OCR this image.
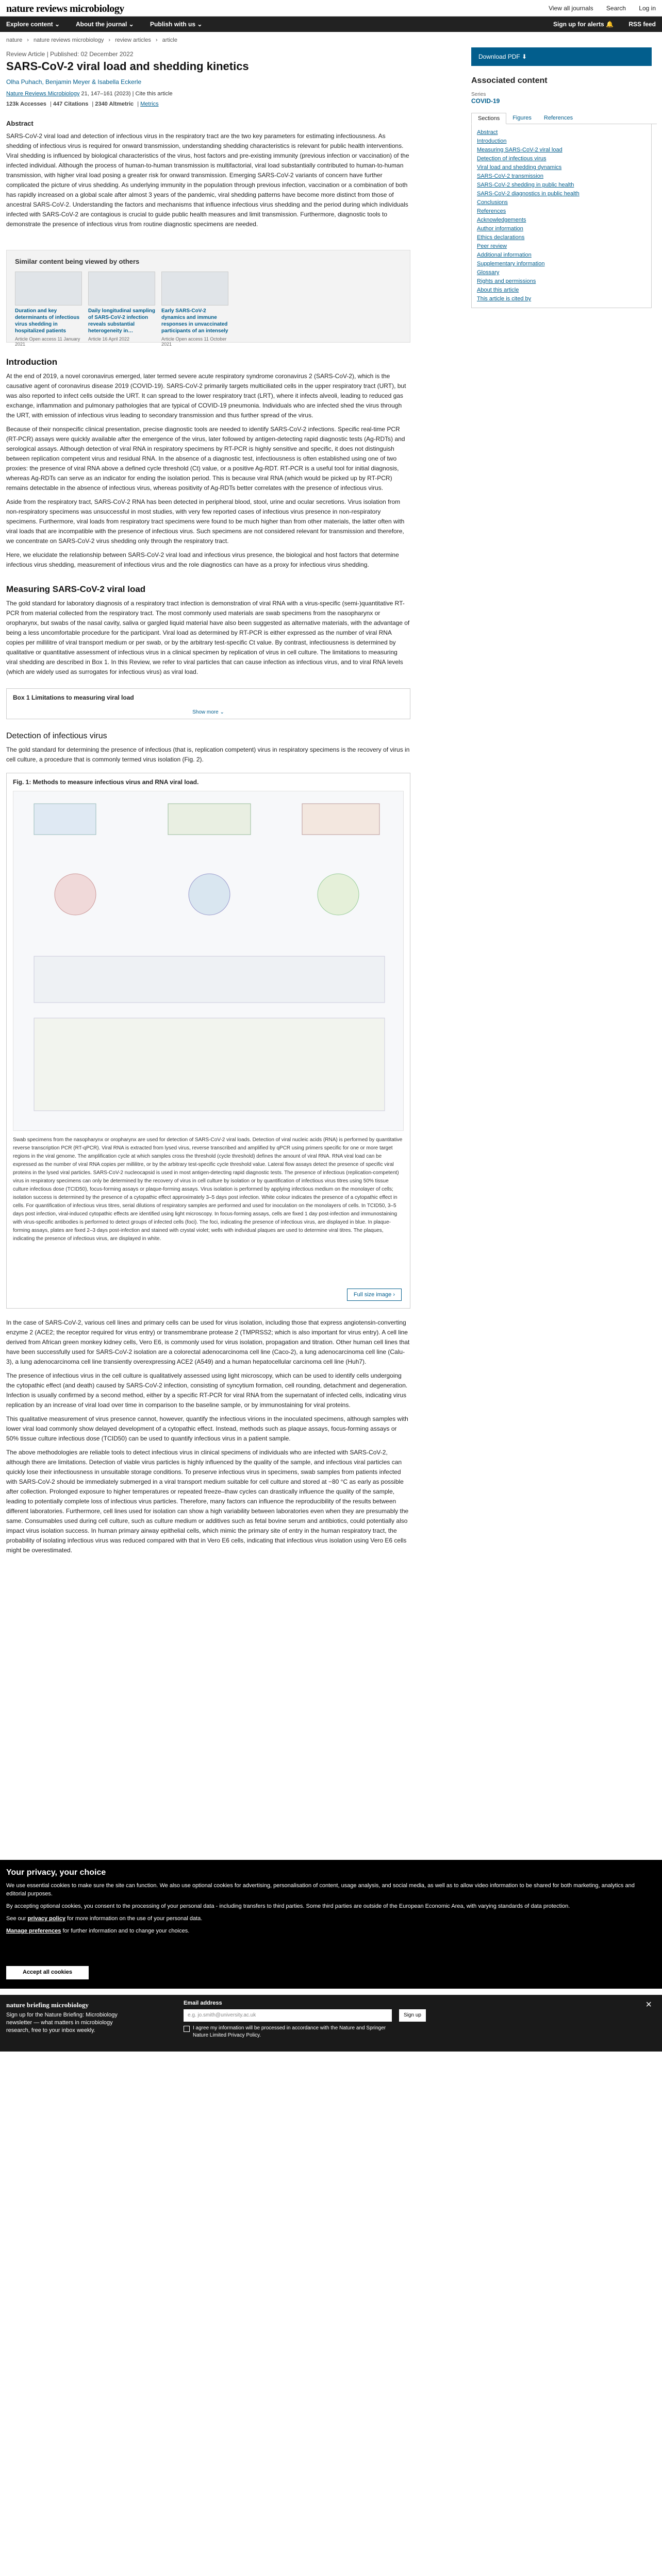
nature reviews microbiology	View all journals Search Log in
Explore content ⌄	About the journal ⌄	Publish with us ⌄	Sign up for alerts 🔔 RSS feed
nature › nature reviews microbiology › review articles › article
Review Article | Published: 02 December 2022
SARS-CoV-2 viral load and shedding kinetics
Olha Puhach, Benjamin Meyer & Isabella Eckerle
Nature Reviews Microbiology 21, 147–161 (2023) | Cite this article
123k Accesses | 447 Citations | 2340 Altmetric | Metrics
Abstract

SARS-CoV-2 viral load and detection of infectious virus in the respiratory tract are the two key parameters for estimating infectiousness. As shedding of infectious virus is required for onward transmission, understanding shedding characteristics is relevant for public health interventions. Viral shedding is influenced by biological characteristics of the virus, host factors and pre-existing immunity (previous infection or vaccination) of the infected individual. Although the process of human-to-human transmission is multifactorial, viral load substantially contributed to human-to-human transmission, with higher viral load posing a greater risk for onward transmission. Emerging SARS-CoV-2 variants of concern have further complicated the picture of virus shedding. As underlying immunity in the population through previous infection, vaccination or a combination of both has rapidly increased on a global scale after almost 3 years of the pandemic, viral shedding patterns have become more distinct from those of ancestral SARS-CoV-2. Understanding the factors and mechanisms that influence infectious virus shedding and the period during which individuals infected with SARS-CoV-2 are contagious is crucial to guide public health measures and limit transmission. Furthermore, diagnostic tools to demonstrate the presence of infectious virus from routine diagnostic specimens are needed.

Similar content being viewed by others
Duration and key determinants of infectious virus shedding in hospitalized patients
Article Open access 11 January 2021
Daily longitudinal sampling of SARS-CoV-2 infection reveals substantial heterogeneity in…
Article 16 April 2022
Early SARS-CoV-2 dynamics and immune responses in unvaccinated participants of an intensely
Article Open access 11 October 2021
Introduction

At the end of 2019, a novel coronavirus emerged, later termed severe acute respiratory syndrome coronavirus 2 (SARS-CoV-2), which is the causative agent of coronavirus disease 2019 (COVID-19). SARS-CoV-2 primarily targets multiciliated cells in the upper respiratory tract (URT), but was also reported to infect cells outside the URT. It can spread to the lower respiratory tract (LRT), where it infects alveoli, leading to reduced gas exchange, inflammation and pulmonary pathologies that are typical of COVID-19 pneumonia. Individuals who are infected shed the virus through the URT, with emission of infectious virus leading to secondary transmission and thus further spread of the virus.

Because of their nonspecific clinical presentation, precise diagnostic tools are needed to identify SARS-CoV-2 infections. Specific real-time PCR (RT-PCR) assays were quickly available after the emergence of the virus, later followed by antigen-detecting rapid diagnostic tests (Ag-RDTs) and serological assays. Although detection of viral RNA in respiratory specimens by RT-PCR is highly sensitive and specific, it does not distinguish between replication competent virus and residual RNA. In the absence of a diagnostic test, infectiousness is often established using one of two proxies: the presence of viral RNA above a defined cycle threshold (Ct) value, or a positive Ag-RDT. RT-PCR is a useful tool for initial diagnosis, whereas Ag-RDTs can serve as an indicator for ending the isolation period. This is because viral RNA (which would be picked up by RT-PCR) remains detectable in the absence of infectious virus, whereas positivity of Ag-RDTs better correlates with the presence of infectious virus.

Aside from the respiratory tract, SARS-CoV-2 RNA has been detected in peripheral blood, stool, urine and ocular secretions. Virus isolation from non-respiratory specimens was unsuccessful in most studies, with very few reported cases of infectious virus presence in non-respiratory specimens. Furthermore, viral loads from respiratory tract specimens were found to be much higher than from other materials, the latter often with viral loads that are incompatible with the presence of infectious virus. Such specimens are not considered relevant for transmission and therefore, we concentrate on SARS-CoV-2 virus shedding only through the respiratory tract.

Here, we elucidate the relationship between SARS-CoV-2 viral load and infectious virus presence, the biological and host factors that determine infectious virus shedding, measurement of infectious virus and the role diagnostics can have as a proxy for infectious virus shedding.

Measuring SARS-CoV-2 viral load

The gold standard for laboratory diagnosis of a respiratory tract infection is demonstration of viral RNA with a virus-specific (semi-)quantitative RT-PCR from material collected from the respiratory tract. The most commonly used materials are swab specimens from the nasopharynx or oropharynx, but swabs of the nasal cavity, saliva or gargled liquid material have also been suggested as alternative materials, with the advantage of being a less uncomfortable procedure for the participant. Viral load as determined by RT-PCR is either expressed as the number of viral RNA copies per millilitre of viral transport medium or per swab, or by the arbitrary test-specific Ct value. By contrast, infectiousness is determined by qualitative or quantitative assessment of infectious virus in a clinical specimen by replication of virus in cell culture. The limitations to measuring viral shedding are described in Box 1. In this Review, we refer to viral particles that can cause infection as infectious virus, and to viral RNA levels (which are widely used as surrogates for infectious virus) as viral load.

Box 1 Limitations to measuring viral load
Show more ⌄
Detection of infectious virus

The gold standard for determining the presence of infectious (that is, replication competent) virus in respiratory specimens is the recovery of virus in cell culture, a procedure that is commonly termed virus isolation (Fig. 2).

Fig. 1: Methods to measure infectious virus and RNA viral load.

Swab specimens from the nasopharynx or oropharynx are used for detection of SARS-CoV-2 viral loads. Detection of viral nucleic acids (RNA) is performed by quantitative reverse transcription PCR (RT-qPCR). Viral RNA is extracted from lysed virus, reverse transcribed and amplified by qPCR using primers specific for one or more target regions in the viral genome. The amplification cycle at which samples cross the threshold (cycle threshold) defines the amount of viral RNA. RNA viral load can be expressed as the number of viral RNA copies per millilitre, or by the arbitrary test-specific cycle threshold value. Lateral flow assays detect the presence of specific viral proteins in the lysed viral particles. SARS-CoV-2 nucleocapsid is used in most antigen-detecting rapid diagnostic tests. The presence of infectious (replication-competent) virus in respiratory specimens can only be determined by the recovery of virus in cell culture by isolation or by quantification of infectious virus titres using 50% tissue culture infectious dose (TCID50), focus-forming assays or plaque-forming assays. Virus isolation is performed by applying infectious medium on the monolayer of cells; isolation success is determined by the presence of a cytopathic effect approximately 3–5 days post infection. White colour indicates the presence of a cytopathic effect in cells. For quantification of infectious virus titres, serial dilutions of respiratory samples are performed and used for inoculation on the monolayers of cells. In TCID50, 3–5 days post infection, viral-induced cytopathic effects are identified using light microscopy. In focus-forming assays, cells are fixed 1 day post-infection and immunostaining with virus-specific antibodies is performed to detect groups of infected cells (foci). The foci, indicating the presence of infectious virus, are displayed in blue. In plaque-forming assays, plates are fixed 2–3 days post-infection and stained with crystal violet; wells with individual plaques are used to determine viral titres. The plaques, indicating the presence of infectious virus, are displayed in white.

Full size image ›

In the case of SARS-CoV-2, various cell lines and primary cells can be used for virus isolation, including those that express angiotensin-converting enzyme 2 (ACE2; the receptor required for virus entry) or transmembrane protease 2 (TMPRSS2; which is also important for virus entry). A cell line derived from African green monkey kidney cells, Vero E6, is commonly used for virus isolation, propagation and titration. Other human cell lines that have been successfully used for SARS-CoV-2 isolation are a colorectal adenocarcinoma cell line (Caco-2), a lung adenocarcinoma cell line (Calu-3), a lung adenocarcinoma cell line transiently overexpressing ACE2 (A549) and a human hepatocellular carcinoma cell line (Huh7).

The presence of infectious virus in the cell culture is qualitatively assessed using light microscopy, which can be used to identify cells undergoing the cytopathic effect (and death) caused by SARS-CoV-2 infection, consisting of syncytium formation, cell rounding, detachment and degeneration. Infection is usually confirmed by a second method, either by a specific RT-PCR for viral RNA from the supernatant of infected cells, indicating virus replication by an increase of viral load over time in comparison to the baseline sample, or by immunostaining for viral proteins.

This qualitative measurement of virus presence cannot, however, quantify the infectious virions in the inoculated specimens, although samples with lower viral load commonly show delayed development of a cytopathic effect. Instead, methods such as plaque assays, focus-forming assays or 50% tissue culture infectious dose (TCID50) can be used to quantify infectious virus in a patient sample.

The above methodologies are reliable tools to detect infectious virus in clinical specimens of individuals who are infected with SARS-CoV-2, although there are limitations. Detection of viable virus particles is highly influenced by the quality of the sample, and infectious viral particles can quickly lose their infectiousness in unsuitable storage conditions. To preserve infectious virus in specimens, swab samples from patients infected with SARS-CoV-2 should be immediately submerged in a viral transport medium suitable for cell culture and stored at −80 °C as early as possible after collection. Prolonged exposure to higher temperatures or repeated freeze–thaw cycles can drastically influence the quality of the sample, leading to potentially complete loss of infectious virus particles. Therefore, many factors can influence the reproducibility of the results between different laboratories. Furthermore, cell lines used for isolation can show a high variability between laboratories even when they are presumably the same. Consumables used during cell culture, such as culture medium or additives such as fetal bovine serum and antibiotics, could potentially also impact virus isolation success. In human primary airway epithelial cells, which mimic the primary site of entry in the human respiratory tract, the probability of isolating infectious virus was reduced compared with that in Vero E6 cells, indicating that infectious virus isolation using Vero E6 cells might be overestimated.

Download PDF ⬇
Associated content
Series
COVID-19
Sections	Figures	References
Abstract
Introduction
Measuring SARS-CoV-2 viral load
Detection of infectious virus
Viral load and shedding dynamics
SARS-CoV-2 transmission
SARS-CoV-2 shedding in public health
SARS-CoV-2 diagnostics in public health
Conclusions
References
Acknowledgements
Author information
Ethics declarations
Peer review
Additional information
Supplementary information
Glossary
Rights and permissions
About this article
This article is cited by
Your privacy, your choice

We use essential cookies to make sure the site can function. We also use optional cookies for advertising, personalisation of content, usage analysis, and social media, as well as to allow video information to be shared for both marketing, analytics and editorial purposes.

By accepting optional cookies, you consent to the processing of your personal data - including transfers to third parties. Some third parties are outside of the European Economic Area, with varying standards of data protection.

See our privacy policy for more information on the use of your personal data.

Manage preferences for further information and to change your choices.

Accept all cookies
nature briefing microbiology
Sign up for the Nature Briefing: Microbiology newsletter — what matters in microbiology research, free to your inbox weekly.
Email address
e.g. jo.smith@university.ac.uk	Sign up
I agree my information will be processed in accordance with the Nature and Springer Nature Limited Privacy Policy.
×
